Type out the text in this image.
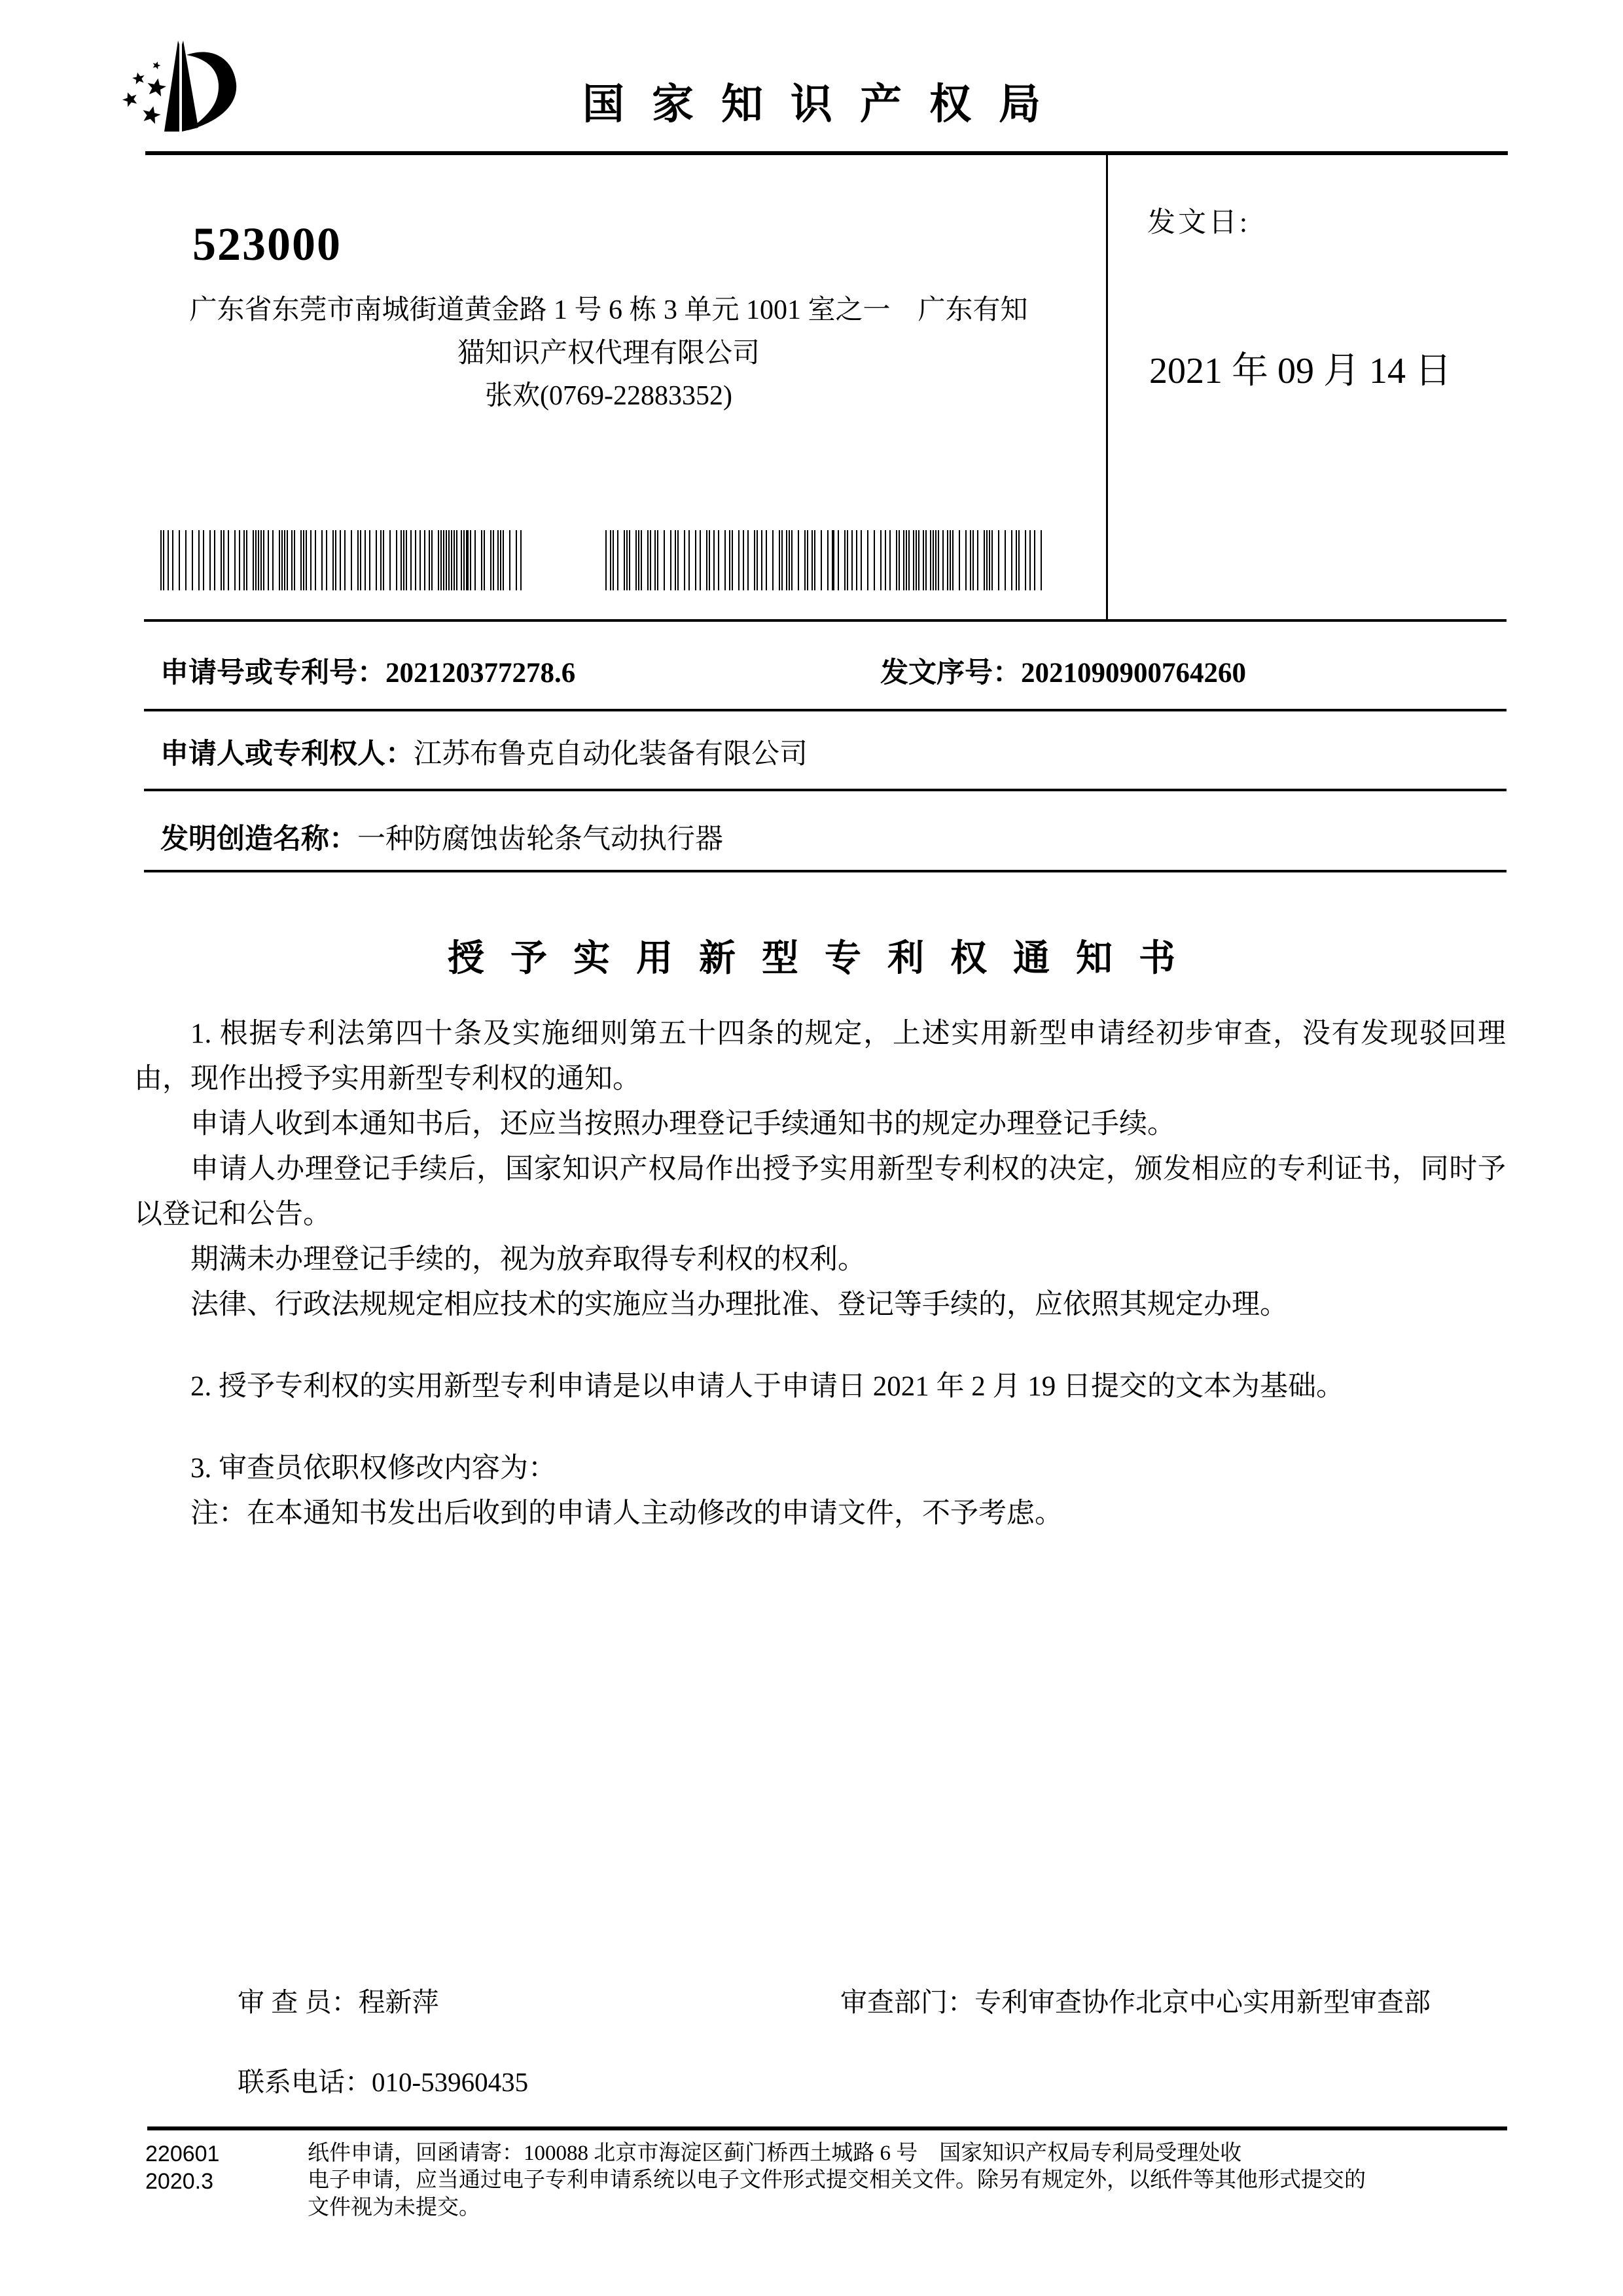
国家知识产权局
523000
广东省东莞市南城街道黄金路 1 号 6 栋 3 单元 1001 室之一　广东有知
猫知识产权代理有限公司
张欢(0769-22883352)
发文日:
2021 年 09 月 14 日
申请号或专利号：202120377278.6	发文序号：2021090900764260
申请人或专利权人：江苏布鲁克自动化装备有限公司
发明创造名称：一种防腐蚀齿轮条气动执行器
授予实用新型专利权通知书

1. 根据专利法第四十条及实施细则第五十四条的规定，上述实用新型申请经初步审查，没有发现驳回理由，现作出授予实用新型专利权的通知。

申请人收到本通知书后，还应当按照办理登记手续通知书的规定办理登记手续。

申请人办理登记手续后，国家知识产权局作出授予实用新型专利权的决定，颁发相应的专利证书，同时予以登记和公告。

期满未办理登记手续的，视为放弃取得专利权的权利。

法律、行政法规规定相应技术的实施应当办理批准、登记等手续的，应依照其规定办理。

2. 授予专利权的实用新型专利申请是以申请人于申请日 2021 年 2 月 19 日提交的文本为基础。

3. 审查员依职权修改内容为：

注：在本通知书发出后收到的申请人主动修改的申请文件，不予考虑。

审 查 员：程新萍	审查部门：专利审查协作北京中心实用新型审查部
联系电话：010-53960435
220601
2020.3
纸件申请，回函请寄：100088 北京市海淀区蓟门桥西土城路 6 号　国家知识产权局专利局受理处收
电子申请，应当通过电子专利申请系统以电子文件形式提交相关文件。除另有规定外，以纸件等其他形式提交的
文件视为未提交。
